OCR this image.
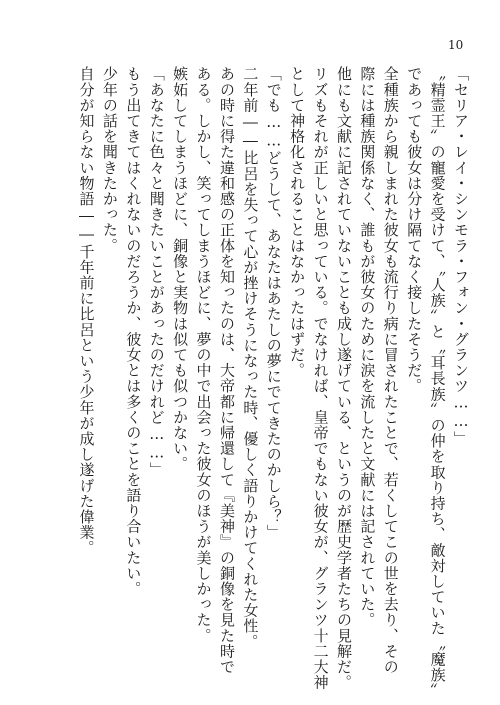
10
「セリア・レイ・シンモラ・フォン・グランツ……」
〝精霊王〟の寵愛を受けて、〝人族〟と〝耳長族〟の仲を取り持ち、敵対していた〝魔族〟
であっても彼女は分け隔てなく接したそうだ。
全種族から親しまれた彼女も流行り病に冒されたことで、若くしてこの世を去り、その
際には種族関係なく、誰もが彼女のために涙を流したと文献には記されていた。
他にも文献に記されていないことも成し遂げている、というのが歴史学者たちの見解だ。
リズもそれが正しいと思っている。でなければ、皇帝でもない彼女が、グランツ十二大神
として神格化されることはなかったはずだ。
「でも……どうして、あなたはあたしの夢にでてきたのかしら？」
二年前――比呂を失って心が挫けそうになった時、優しく語りかけてくれた女性。
あの時に得た違和感の正体を知ったのは、大帝都に帰還して『美神』の銅像を見た時で
ある。しかし、笑ってしまうほどに、夢の中で出会った彼女のほうが美しかった。
嫉妬してしまうほどに、銅像と実物は似ても似つかない。
「あなたに色々と聞きたいことがあったのだけれど……」
もう出てきてはくれないのだろうか、彼女とは多くのことを語り合いたい。
少年の話を聞きたかった。
自分が知らない物語――千年前に比呂という少年が成し遂げた偉業。
